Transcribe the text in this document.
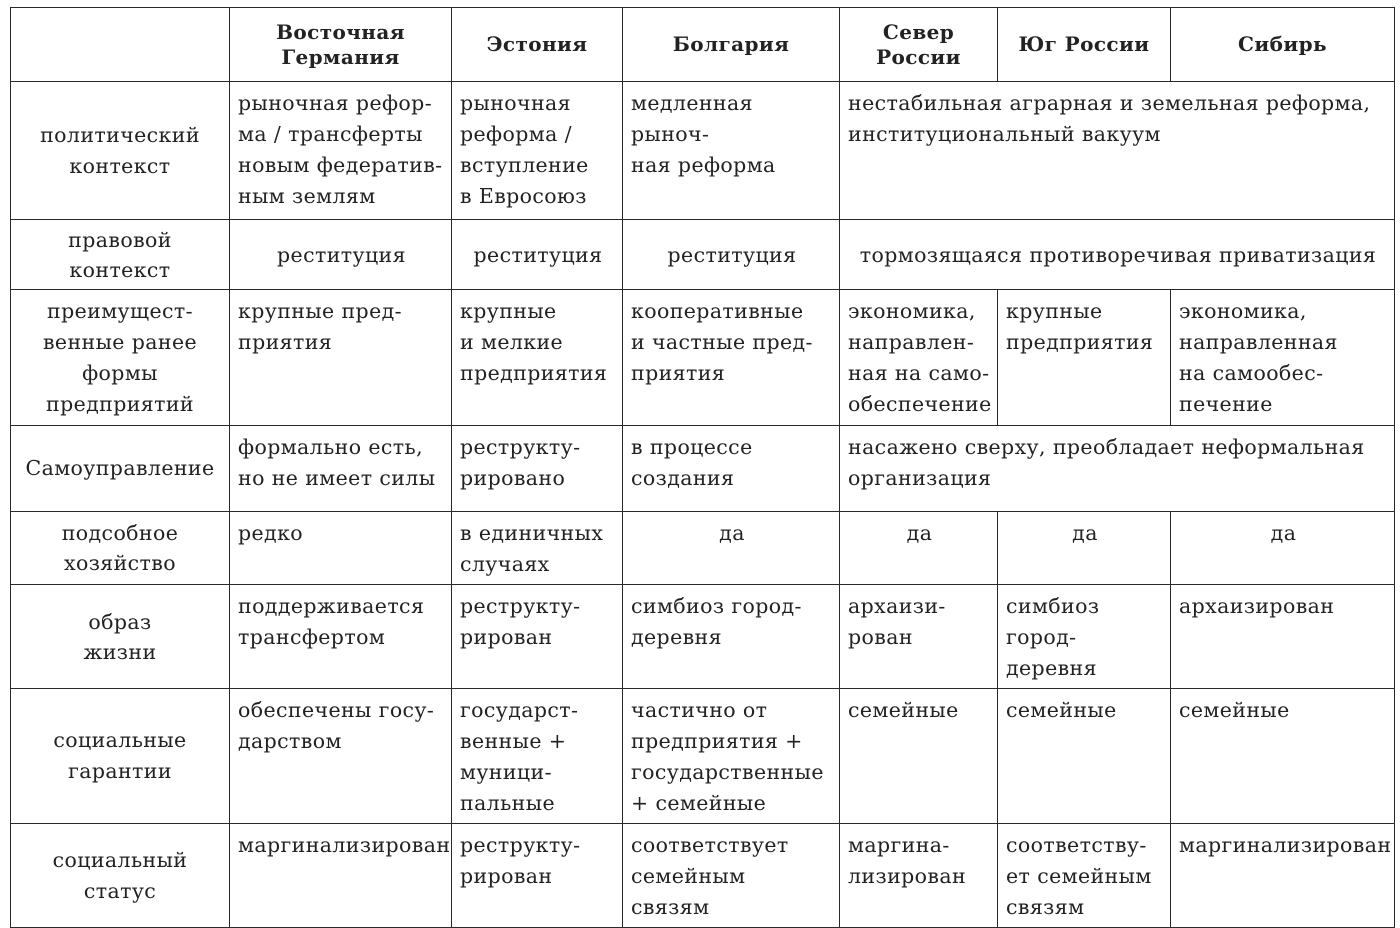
	Восточная
Германия	Эстония	Болгария	Север
России	Юг России	Сибирь
политический контекст	рыночная рефор-
ма / трансферты
новым федератив-
ным землям	рыночная
реформа /
вступление
в Евросоюз	медленная рыноч-
ная реформа	нестабильная аграрная и земельная реформа,
институциональный вакуум		
правовой контекст	реституция	реституция	реституция	тормозящаяся противоречивая приватизация		
преимущест-
венные ранее
формы
предприятий	крупные пред-
приятия	крупные
и мелкие
предприятия	кооперативные
и частные пред-
приятия	экономика,
направлен-
ная на само-
обеспечение	крупные
предприятия	экономика,
направленная
на самообес-
печение
Самоуправление	формально есть,
но не имеет силы	реструкту-
рировано	в процессе
создания	насажено сверху, преобладает неформальная
организация		
подсобное
хозяйство	редко	в единичных
случаях	да	да	да	да
образ
жизни	поддерживается
трансфертом	реструкту-
рирован	симбиоз город-
деревня	архаизи-
рован	симбиоз
город-деревня	архаизирован
социальные
гарантии	обеспечены госу-
дарством	государст-
венные +
муници-
пальные	частично от
предприятия +
государственные
+ семейные	семейные	семейные	семейные
социальный
статус	маргинализирован	реструкту-
рирован	соответствует
семейным
связям	маргина-
лизирован	соответству-
ет семейным
связям	маргинализирован
